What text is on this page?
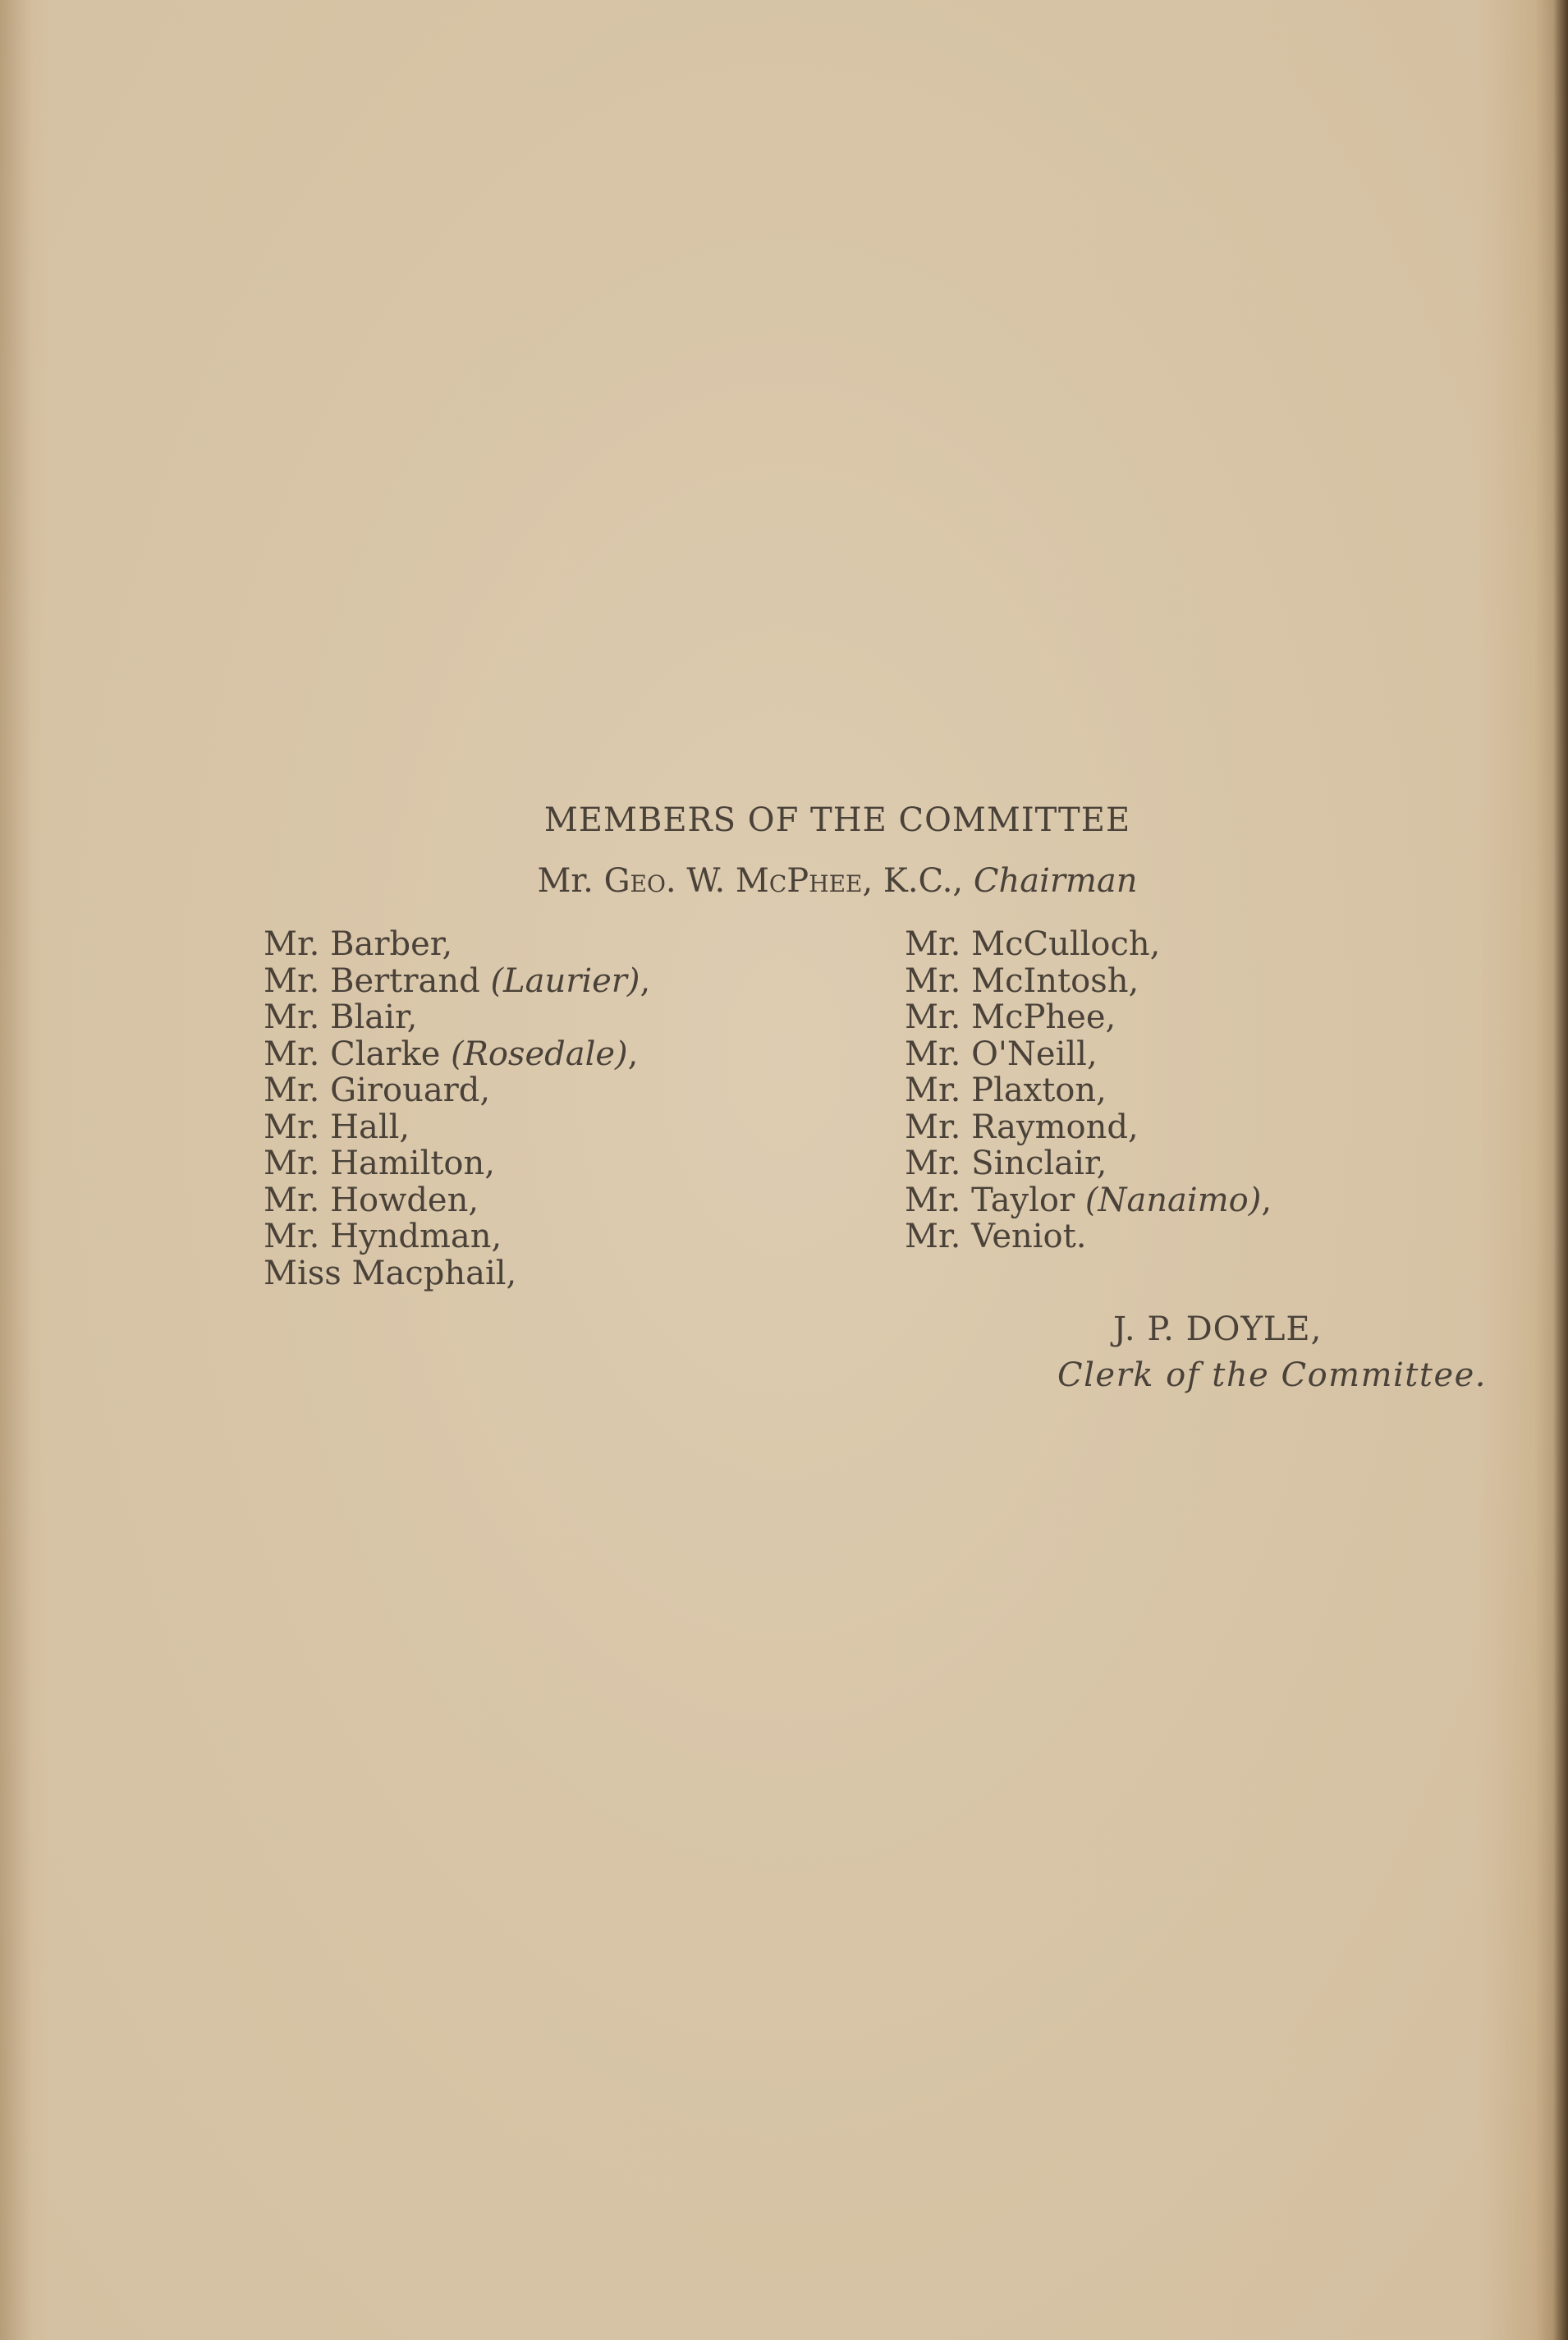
MEMBERS OF THE COMMITTEE
Mr. Geo. W. McPhee, K.C., Chairman
Mr. Barber,
Mr. Bertrand (Laurier),
Mr. Blair,
Mr. Clarke (Rosedale),
Mr. Girouard,
Mr. Hall,
Mr. Hamilton,
Mr. Howden,
Mr. Hyndman,
Miss Macphail,
Mr. McCulloch,
Mr. McIntosh,
Mr. McPhee,
Mr. O'Neill,
Mr. Plaxton,
Mr. Raymond,
Mr. Sinclair,
Mr. Taylor (Nanaimo),
Mr. Veniot.
J. P. DOYLE,
Clerk of the Committee.
